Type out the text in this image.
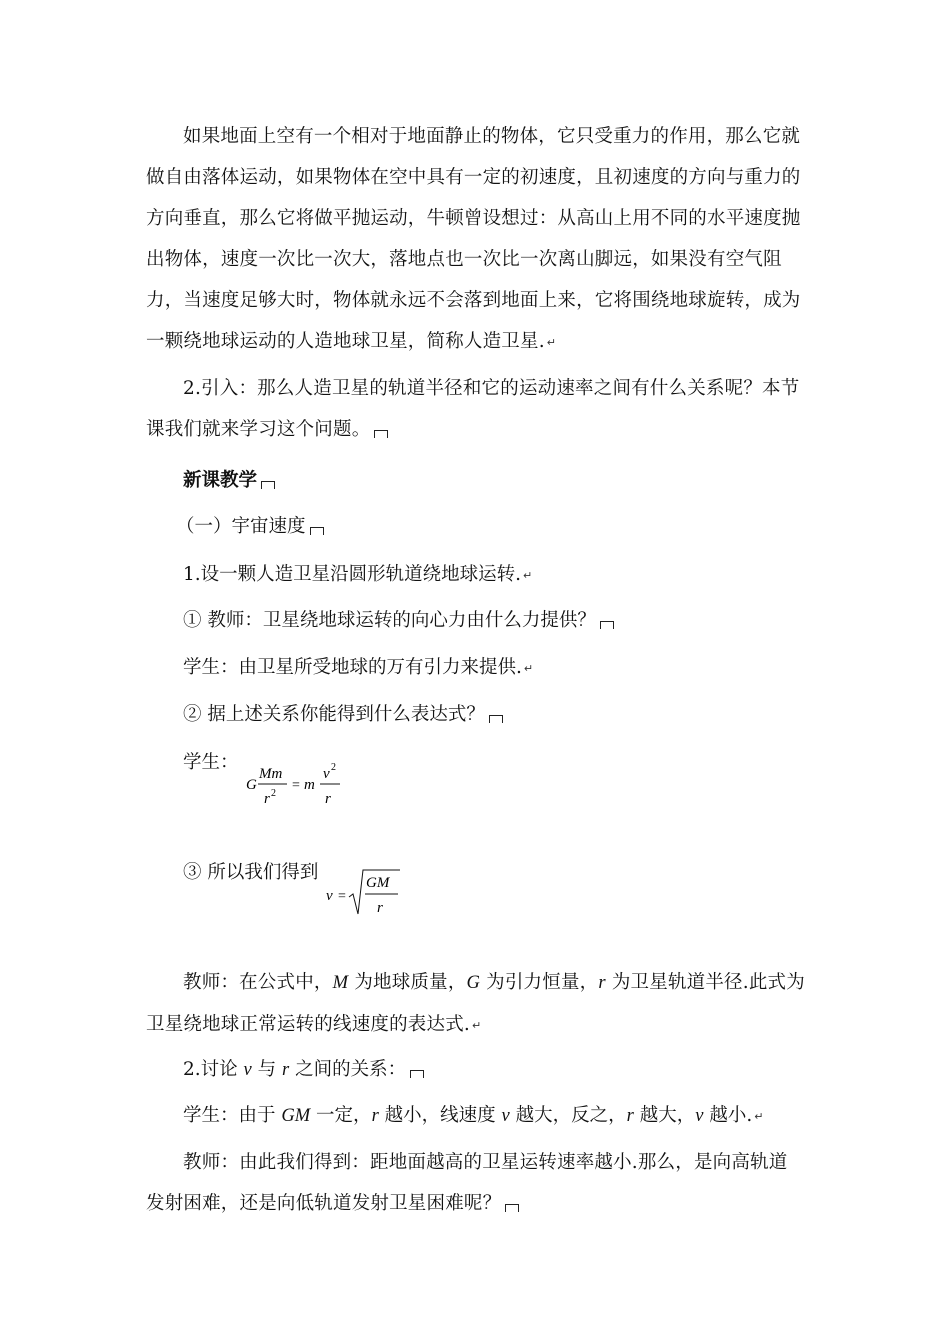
如果地面上空有一个相对于地面静止的物体，它只受重力的作用，那么它就做自由落体运动，如果物体在空中具有一定的初速度，且初速度的方向与重力的方向垂直，那么它将做平抛运动，牛顿曾设想过：从高山上用不同的水平速度抛出物体，速度一次比一次大，落地点也一次比一次离山脚远，如果没有空气阻力，当速度足够大时，物体就永远不会落到地面上来，它将围绕地球旋转，成为一颗绕地球运动的人造地球卫星，简称人造卫星. ↵
2.引入：那么人造卫星的轨道半径和它的运动速率之间有什么关系呢？本节课我们就来学习这个问题。
新课教学
（一）宇宙速度
1.设一颗人造卫星沿圆形轨道绕地球运转. ↵
① 教师：卫星绕地球运转的向心力由什么力提供？
学生：由卫星所受地球的万有引力来提供. ↵
② 据上述关系你能得到什么表达式？
学生：
G
Mm
r 2
= m
v 2
r
③ 所以我们得到
v =
GM
r
教师：在公式中，M 为地球质量，G 为引力恒量，r 为卫星轨道半径.此式为卫星绕地球正常运转的线速度的表达式. ↵
2.讨论 v 与 r 之间的关系：
学生：由于 GM 一定，r 越小，线速度 v 越大，反之，r 越大，v 越小. ↵
教师：由此我们得到：距地面越高的卫星运转速率越小.那么，是向高轨道发射困难，还是向低轨道发射卫星困难呢？
